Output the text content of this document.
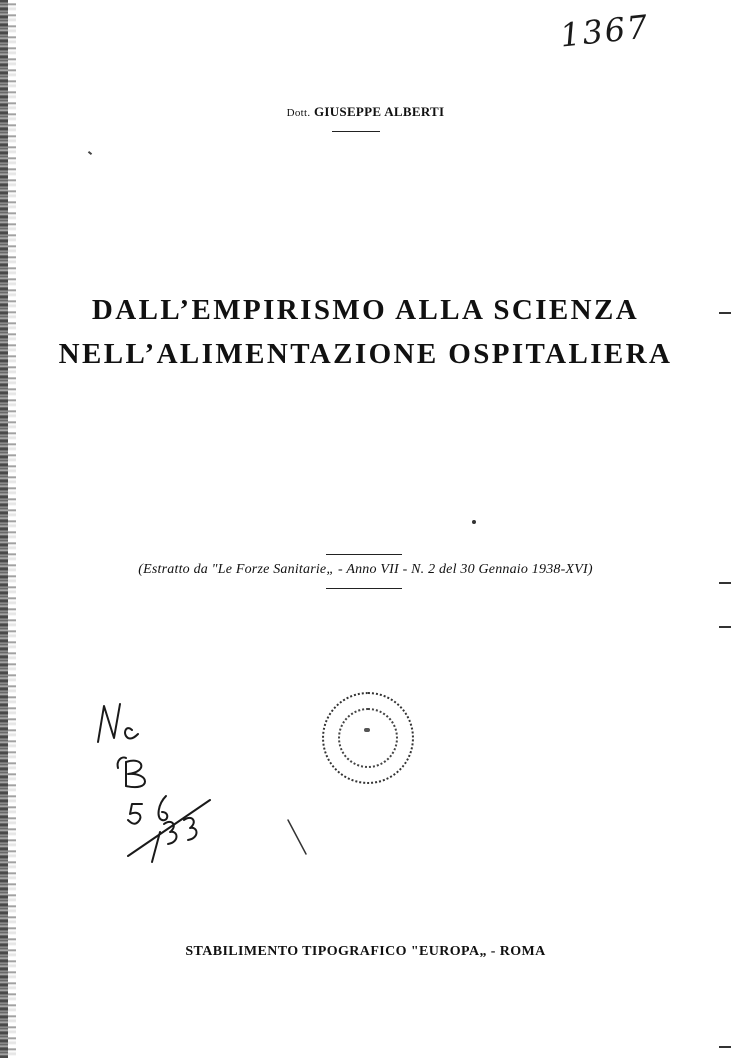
1367
Dott. GIUSEPPE ALBERTI
DALL’EMPIRISMO ALLA SCIENZA
NELL’ALIMENTAZIONE OSPITALIERA
(Estratto da "Le Forze Sanitarie„ - Anno VII - N. 2 del 30 Gennaio 1938-XVI)
STABILIMENTO TIPOGRAFICO "EUROPA„ - ROMA
